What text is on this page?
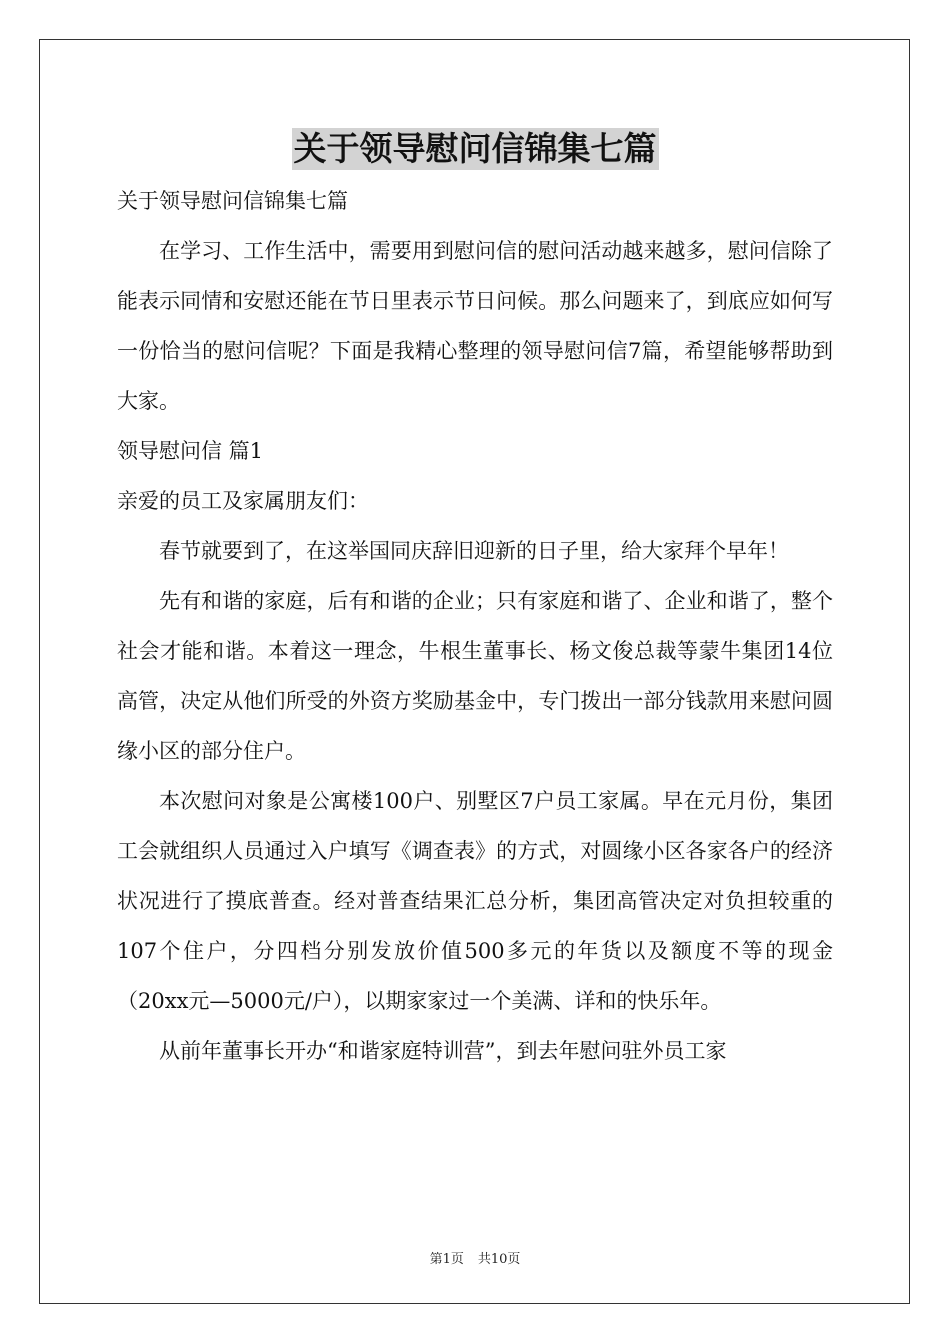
关于领导慰问信锦集七篇

关于领导慰问信锦集七篇

在学习、工作生活中，需要用到慰问信的慰问活动越来越多，慰问信除了能表示同情和安慰还能在节日里表示节日问候。那么问题来了，到底应如何写一份恰当的慰问信呢？下面是我精心整理的领导慰问信7篇，希望能够帮助到大家。

领导慰问信 篇1

亲爱的员工及家属朋友们：

春节就要到了，在这举国同庆辞旧迎新的日子里，给大家拜个早年！

先有和谐的家庭，后有和谐的企业；只有家庭和谐了、企业和谐了，整个社会才能和谐。本着这一理念，牛根生董事长、杨文俊总裁等蒙牛集团14位高管，决定从他们所受的外资方奖励基金中，专门拨出一部分钱款用来慰问圆缘小区的部分住户。

本次慰问对象是公寓楼100户、别墅区7户员工家属。早在元月份，集团工会就组织人员通过入户填写《调查表》的方式，对圆缘小区各家各户的经济状况进行了摸底普查。经对普查结果汇总分析，集团高管决定对负担较重的107个住户，分四档分别发放价值500多元的年货以及额度不等的现金（20xx元—5000元/户），以期家家过一个美满、详和的快乐年。

从前年董事长开办“和谐家庭特训营”，到去年慰问驻外员工家

第1页 共10页
